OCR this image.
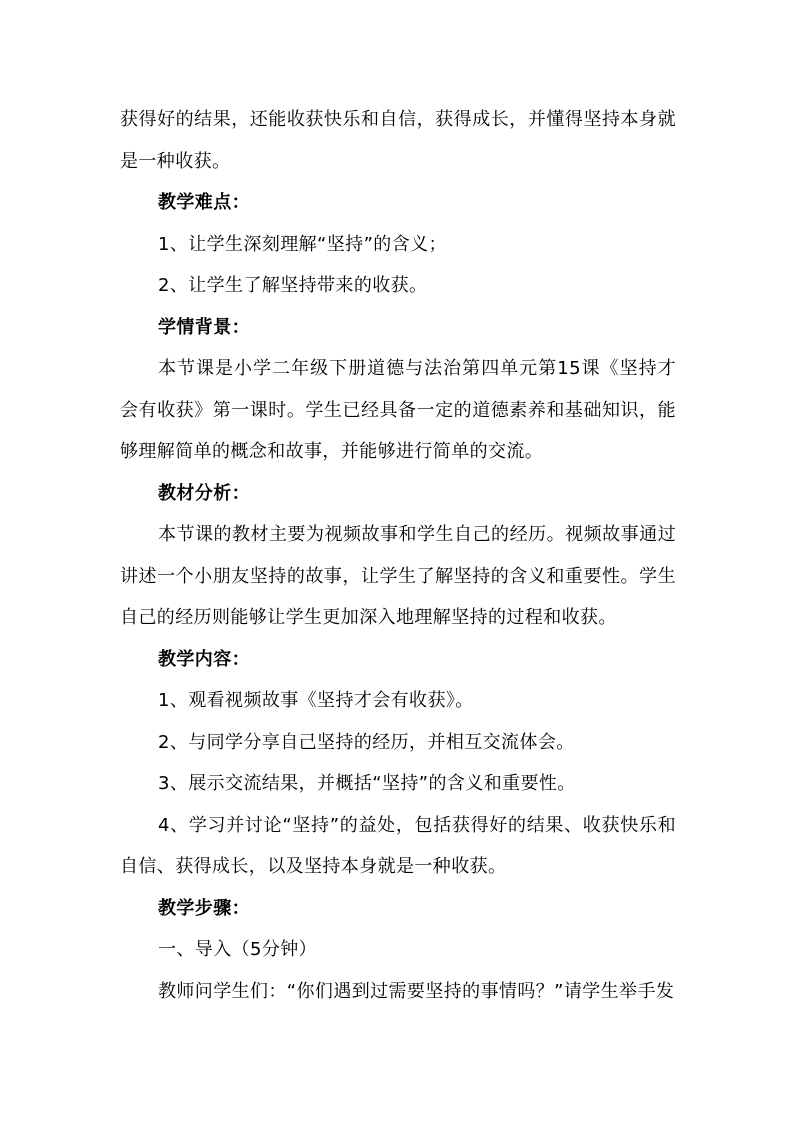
获得好的结果，还能收获快乐和自信，获得成长，并懂得坚持本身就是一种收获。

教学难点：

1、让学生深刻理解“坚持”的含义；

2、让学生了解坚持带来的收获。

学情背景：

本节课是小学二年级下册道德与法治第四单元第15课《坚持才会有收获》第一课时。学生已经具备一定的道德素养和基础知识，能够理解简单的概念和故事，并能够进行简单的交流。

教材分析：

本节课的教材主要为视频故事和学生自己的经历。视频故事通过讲述一个小朋友坚持的故事，让学生了解坚持的含义和重要性。学生自己的经历则能够让学生更加深入地理解坚持的过程和收获。

教学内容：

1、观看视频故事《坚持才会有收获》。

2、与同学分享自己坚持的经历，并相互交流体会。

3、展示交流结果，并概括“坚持”的含义和重要性。

4、学习并讨论“坚持”的益处，包括获得好的结果、收获快乐和自信、获得成长，以及坚持本身就是一种收获。

教学步骤：

一、导入（5分钟）

教师问学生们：“你们遇到过需要坚持的事情吗？”请学生举手发
